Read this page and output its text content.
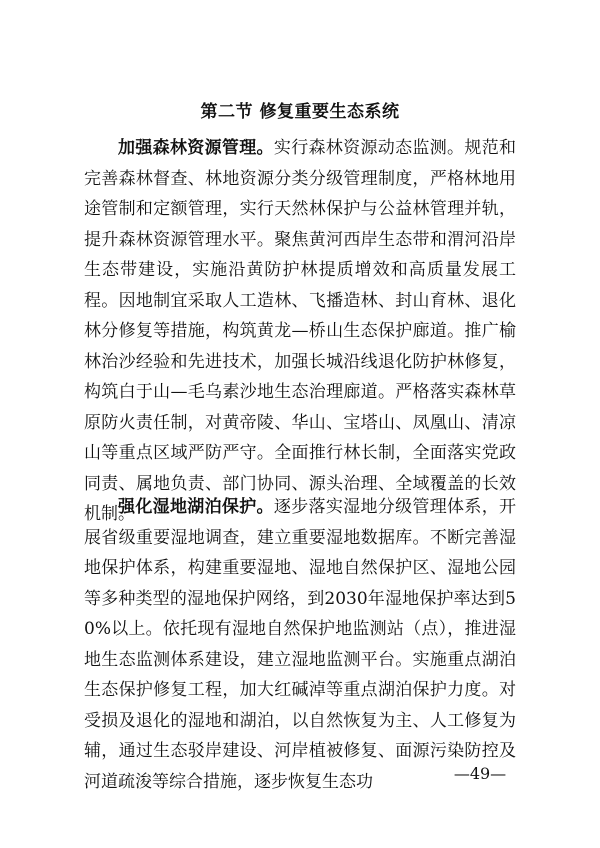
第二节 修复重要生态系统

加强森林资源管理。实行森林资源动态监测。规范和完善森林督查、林地资源分类分级管理制度，严格林地用途管制和定额管理，实行天然林保护与公益林管理并轨，提升森林资源管理水平。聚焦黄河西岸生态带和渭河沿岸生态带建设，实施沿黄防护林提质增效和高质量发展工程。因地制宜采取人工造林、飞播造林、封山育林、退化林分修复等措施，构筑黄龙—桥山生态保护廊道。推广榆林治沙经验和先进技术，加强长城沿线退化防护林修复，构筑白于山—毛乌素沙地生态治理廊道。严格落实森林草原防火责任制，对黄帝陵、华山、宝塔山、凤凰山、清凉山等重点区域严防严守。全面推行林长制，全面落实党政同责、属地负责、部门协同、源头治理、全域覆盖的长效机制。

强化湿地湖泊保护。逐步落实湿地分级管理体系，开展省级重要湿地调查，建立重要湿地数据库。不断完善湿地保护体系，构建重要湿地、湿地自然保护区、湿地公园等多种类型的湿地保护网络，到2030年湿地保护率达到50%以上。依托现有湿地自然保护地监测站（点），推进湿地生态监测体系建设，建立湿地监测平台。实施重点湖泊生态保护修复工程，加大红碱淖等重点湖泊保护力度。对受损及退化的湿地和湖泊，以自然恢复为主、人工修复为辅，通过生态驳岸建设、河岸植被修复、面源污染防控及河道疏浚等综合措施，逐步恢复生态功	—49—
